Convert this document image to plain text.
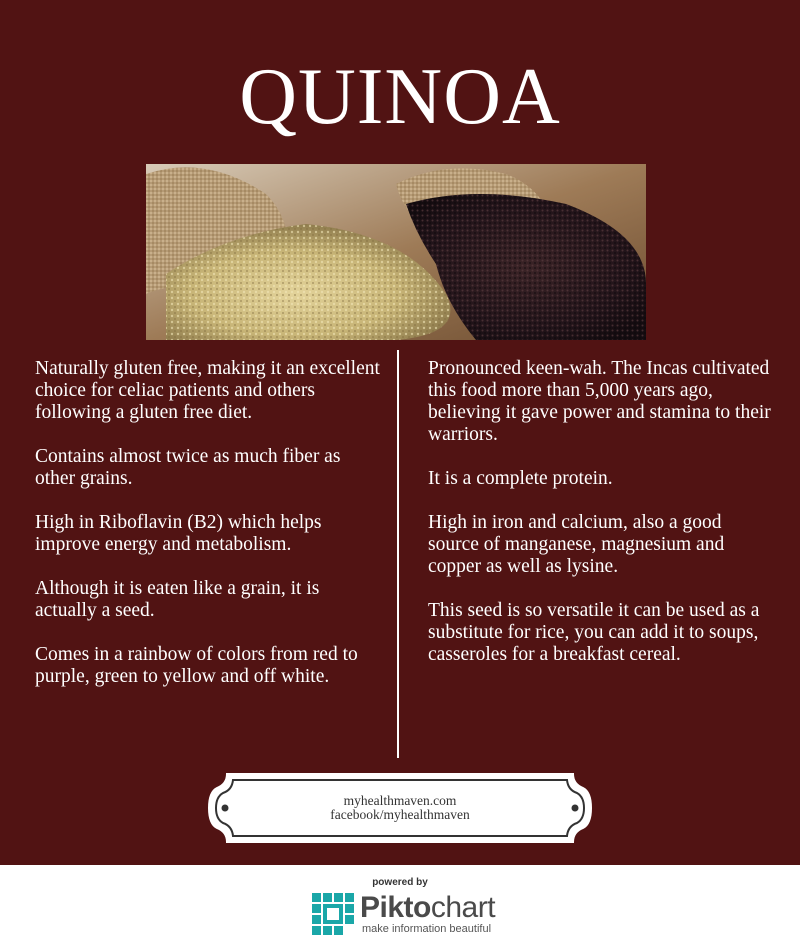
QUINOA

Naturally gluten free, making it an excellent choice for celiac patients and others following a gluten free diet.

Contains almost twice as much fiber as other grains.

High in Riboflavin (B2) which helps improve energy and metabolism.

Although it is eaten like a grain, it is actually a seed.

Comes in a rainbow of colors from red to purple, green to yellow and off white.

Pronounced keen-wah. The Incas cultivated this food more than 5,000 years ago, believing it gave power and stamina to their warriors.

It is a complete protein.

High in iron and calcium, also a good source of manganese, magnesium and copper as well as lysine.

This seed is so versatile it can be used as a substitute for rice, you can add it to soups, casseroles for a breakfast cereal.

myhealthmaven.com
facebook/myhealthmaven
powered by
Piktochart
make information beautiful
